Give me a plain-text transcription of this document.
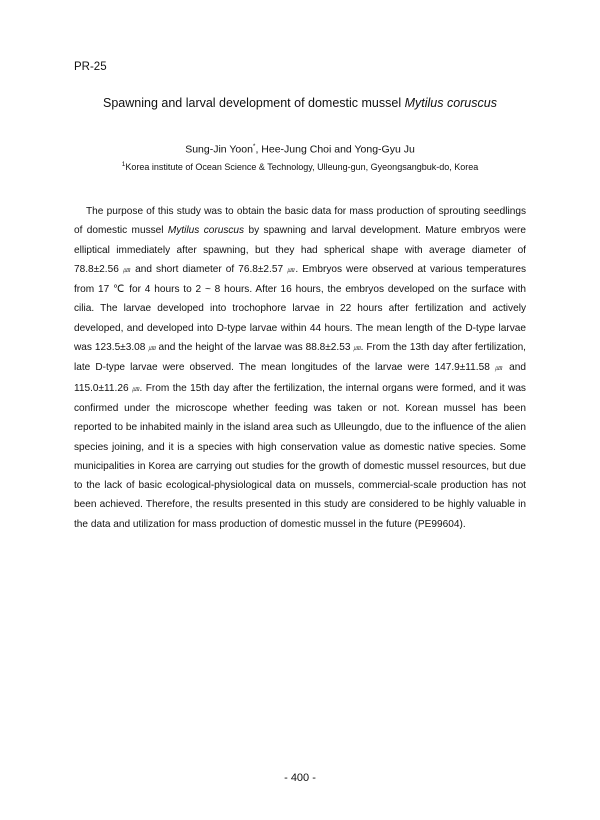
PR-25
Spawning and larval development of domestic mussel Mytilus coruscus
Sung-Jin Yoon*, Hee-Jung Choi and Yong-Gyu Ju
$^1$Korea institute of Ocean Science & Technology, Ulleung-gun, Gyeongsangbuk-do, Korea
The purpose of this study was to obtain the basic data for mass production of sprouting seedlings of domestic mussel Mytilus coruscus by spawning and larval development. Mature embryos were elliptical immediately after spawning, but they had spherical shape with average diameter of 78.8±2.56 ㎛ and short diameter of 76.8±2.57 ㎛. Embryos were observed at various temperatures from 17 ℃ for 4 hours to 2 ~ 8 hours. After 16 hours, the embryos developed on the surface with cilia. The larvae developed into trochophore larvae in 22 hours after fertilization and actively developed, and developed into D-type larvae within 44 hours. The mean length of the D-type larvae was 123.5±3.08 ㎛ and the height of the larvae was 88.8±2.53 ㎛. From the 13th day after fertilization, late D-type larvae were observed. The mean longitudes of the larvae were 147.9±11.58 ㎛ and 115.0±11.26 ㎛. From the 15th day after the fertilization, the internal organs were formed, and it was confirmed under the microscope whether feeding was taken or not. Korean mussel has been reported to be inhabited mainly in the island area such as Ulleungdo, due to the influence of the alien species joining, and it is a species with high conservation value as domestic native species. Some municipalities in Korea are carrying out studies for the growth of domestic mussel resources, but due to the lack of basic ecological-physiological data on mussels, commercial-scale production has not been achieved. Therefore, the results presented in this study are considered to be highly valuable in the data and utilization for mass production of domestic mussel in the future (PE99604).
- 400 -
